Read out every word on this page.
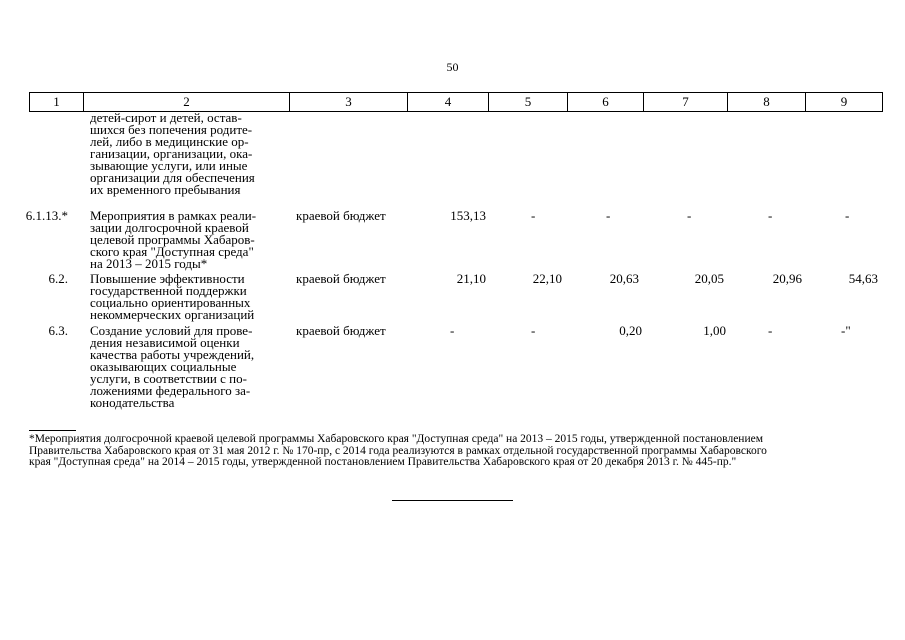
50
1	2	3	4	5	6	7	8	9
детей-сирот и детей, остав-
шихся без попечения родите-
лей, либо в медицинские ор-
ганизации, организации, ока-
зывающие услуги, или иные
организации для обеспечения
их временного пребывания
6.1.13.* Мероприятия в рамках реали-
зации долгосрочной краевой
целевой программы Хабаров-
ского края "Доступная среда"
на 2013 – 2015 годы*
краевой бюджет	153,13	-	-	-	-	-
6.2. Повышение эффективности
государственной поддержки
социально ориентированных
некоммерческих организаций
краевой бюджет	21,10	22,10	20,63	20,05	20,96	54,63
6.3. Создание условий для прове-
дения независимой оценки
качества работы учреждений,
оказывающих социальные
услуги, в соответствии с по-
ложениями федерального за-
конодательства
краевой бюджет	-	-	0,20	1,00	-	-"
*Мероприятия долгосрочной краевой целевой программы Хабаровского края "Доступная среда" на 2013 – 2015 годы, утвержденной постановлением
Правительства Хабаровского края от 31 мая 2012 г. № 170-пр, с 2014 года реализуются в рамках отдельной государственной программы Хабаровского
края "Доступная среда" на 2014 – 2015 годы, утвержденной постановлением Правительства Хабаровского края от 20 декабря 2013 г. № 445-пр."
